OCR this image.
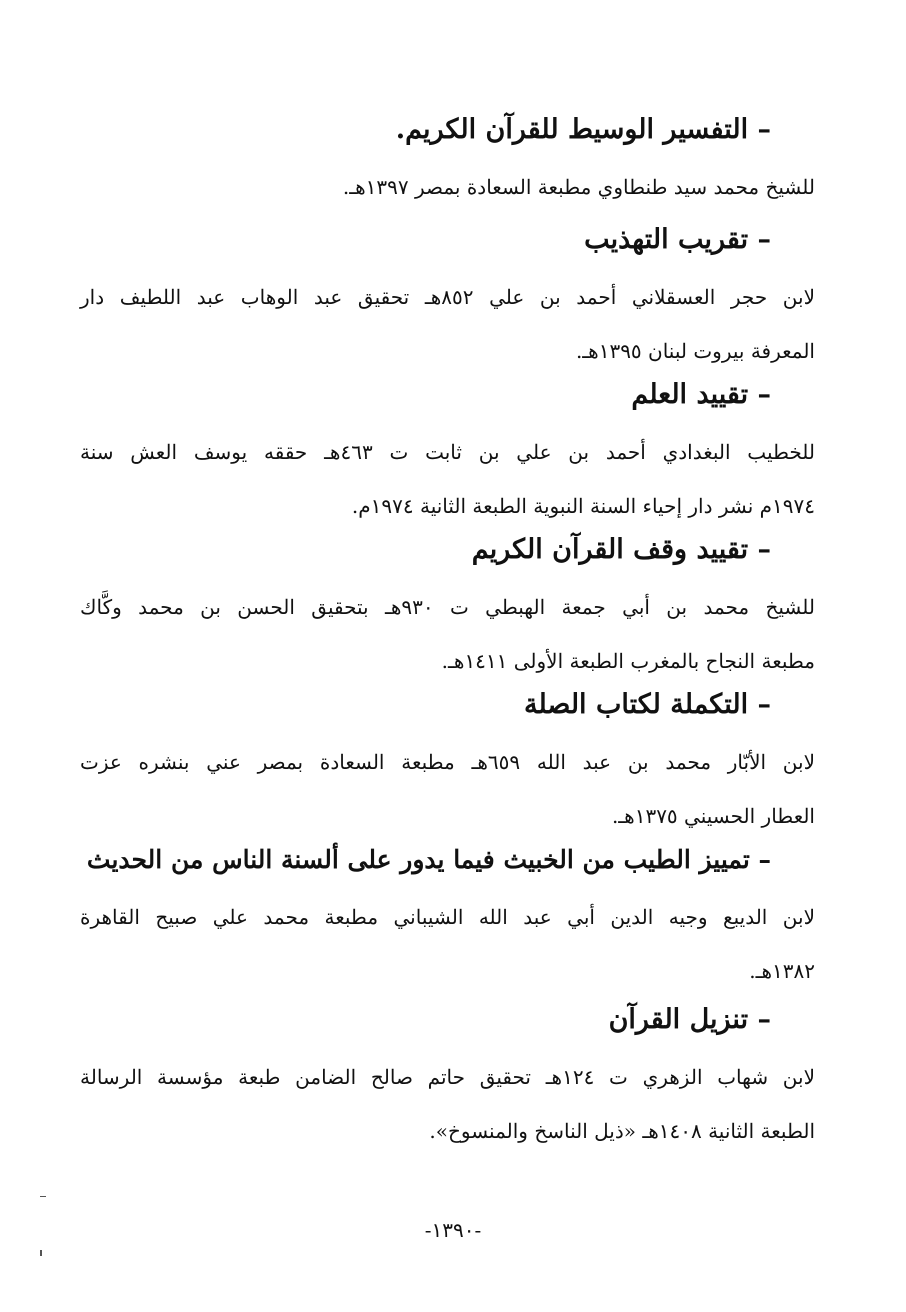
– التفسير الوسيط للقرآن الكريم.
للشيخ محمد سيد طنطاوي مطبعة السعادة بمصر ١٣٩٧هـ.
– تقريب التهذيب
لابن حجر العسقلاني أحمد بن علي ٨٥٢هـ تحقيق عبد الوهاب عبد اللطيف دار
المعرفة بيروت لبنان ١٣٩٥هـ.
– تقييد العلم
للخطيب البغدادي أحمد بن علي بن ثابت ت ٤٦٣هـ حققه يوسف العش سنة
١٩٧٤م نشر دار إحياء السنة النبوية الطبعة الثانية ١٩٧٤م.
– تقييد وقف القرآن الكريم
للشيخ محمد بن أبي جمعة الهبطي ت ٩٣٠هـ بتحقيق الحسن بن محمد وكَّاك
مطبعة النجاح بالمغرب الطبعة الأولى ١٤١١هـ.
– التكملة لكتاب الصلة
لابن الأبّار محمد بن عبد الله ٦٥٩هـ مطبعة السعادة بمصر عني بنشره عزت
العطار الحسيني ١٣٧٥هـ.
– تمييز الطيب من الخبيث فيما يدور على ألسنة الناس من الحديث
لابن الديبع وجيه الدين أبي عبد الله الشيباني مطبعة محمد علي صبيح القاهرة
١٣٨٢هـ.
– تنزيل القرآن
لابن شهاب الزهري ت ١٢٤هـ تحقيق حاتم صالح الضامن طبعة مؤسسة الرسالة
الطبعة الثانية ١٤٠٨هـ «ذيل الناسخ والمنسوخ».
-١٣٩٠-
